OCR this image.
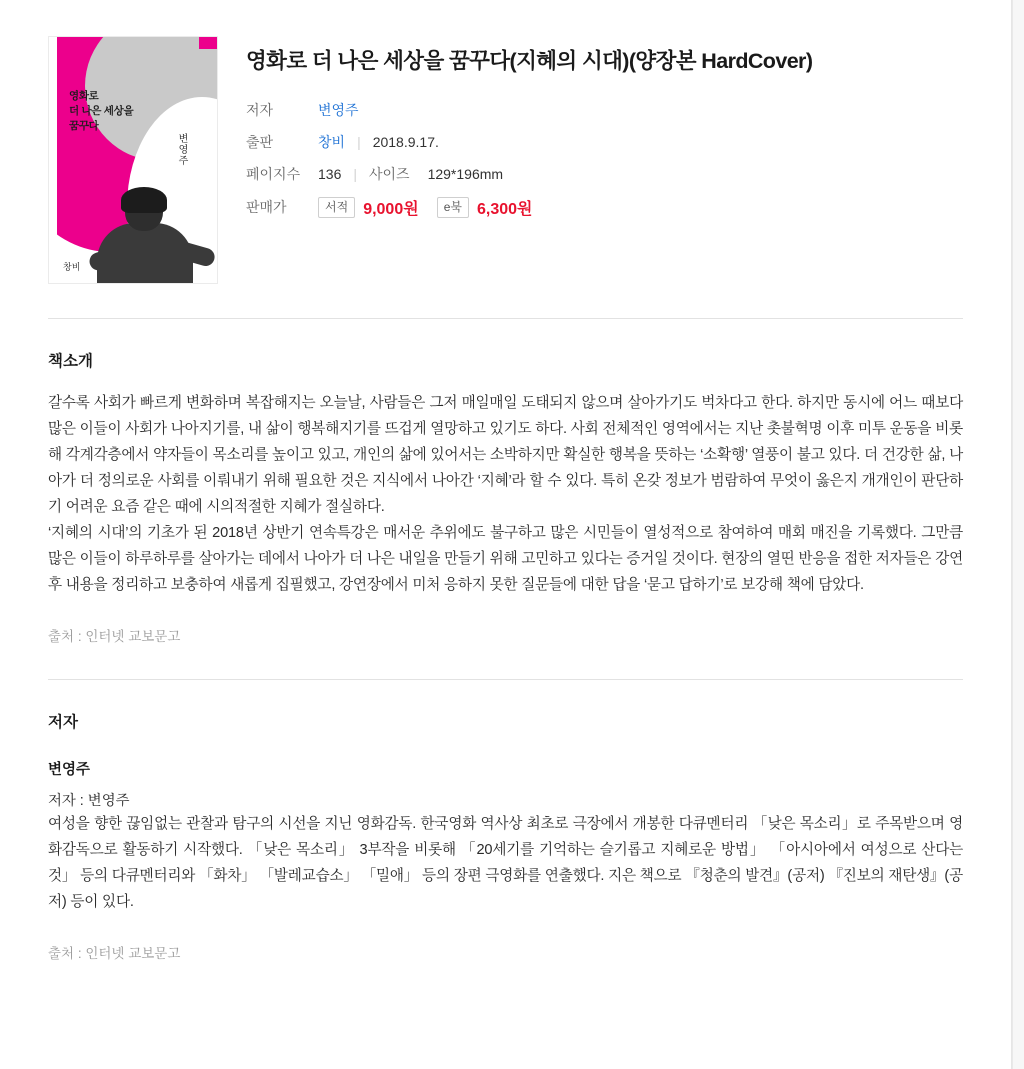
영화로
더 나은 세상을
꿈꾸다
변영주
창비
영화로 더 나은 세상을 꿈꾸다(지혜의 시대)(양장본 HardCover)
저자	변영주
출판	창비 | 2018.9.17.
페이지수	136 | 사이즈 129*196mm
판매가	서적 9,000원	e북 6,300원
책소개

갈수록 사회가 빠르게 변화하며 복잡해지는 오늘날, 사람들은 그저 매일매일 도태되지 않으며 살아가기도 벅차다고 한다. 하지만 동시에 어느 때보다 많은 이들이 사회가 나아지기를, 내 삶이 행복해지기를 뜨겁게 열망하고 있기도 하다. 사회 전체적인 영역에서는 지난 촛불혁명 이후 미투 운동을 비롯해 각계각층에서 약자들이 목소리를 높이고 있고, 개인의 삶에 있어서는 소박하지만 확실한 행복을 뜻하는 ‘소확행’ 열풍이 불고 있다. 더 건강한 삶, 나아가 더 정의로운 사회를 이뤄내기 위해 필요한 것은 지식에서 나아간 ‘지혜’라 할 수 있다. 특히 온갖 정보가 범람하여 무엇이 옳은지 개개인이 판단하기 어려운 요즘 같은 때에 시의적절한 지혜가 절실하다.

‘지혜의 시대’의 기초가 된 2018년 상반기 연속특강은 매서운 추위에도 불구하고 많은 시민들이 열성적으로 참여하여 매회 매진을 기록했다. 그만큼 많은 이들이 하루하루를 살아가는 데에서 나아가 더 나은 내일을 만들기 위해 고민하고 있다는 증거일 것이다. 현장의 열띤 반응을 접한 저자들은 강연 후 내용을 정리하고 보충하여 새롭게 집필했고, 강연장에서 미처 응하지 못한 질문들에 대한 답을 ‘묻고 답하기’로 보강해 책에 담았다.

출처 : 인터넷 교보문고
저자
변영주
저자 : 변영주
여성을 향한 끊임없는 관찰과 탐구의 시선을 지닌 영화감독. 한국영화 역사상 최초로 극장에서 개봉한 다큐멘터리 「낮은 목소리」로 주목받으며 영화감독으로 활동하기 시작했다. 「낮은 목소리」 3부작을 비롯해 「20세기를 기억하는 슬기롭고 지혜로운 방법」 「아시아에서 여성으로 산다는 것」 등의 다큐멘터리와 「화차」 「발레교습소」 「밀애」 등의 장편 극영화를 연출했다. 지은 책으로 『청춘의 발견』(공저) 『진보의 재탄생』(공저) 등이 있다.
출처 : 인터넷 교보문고
